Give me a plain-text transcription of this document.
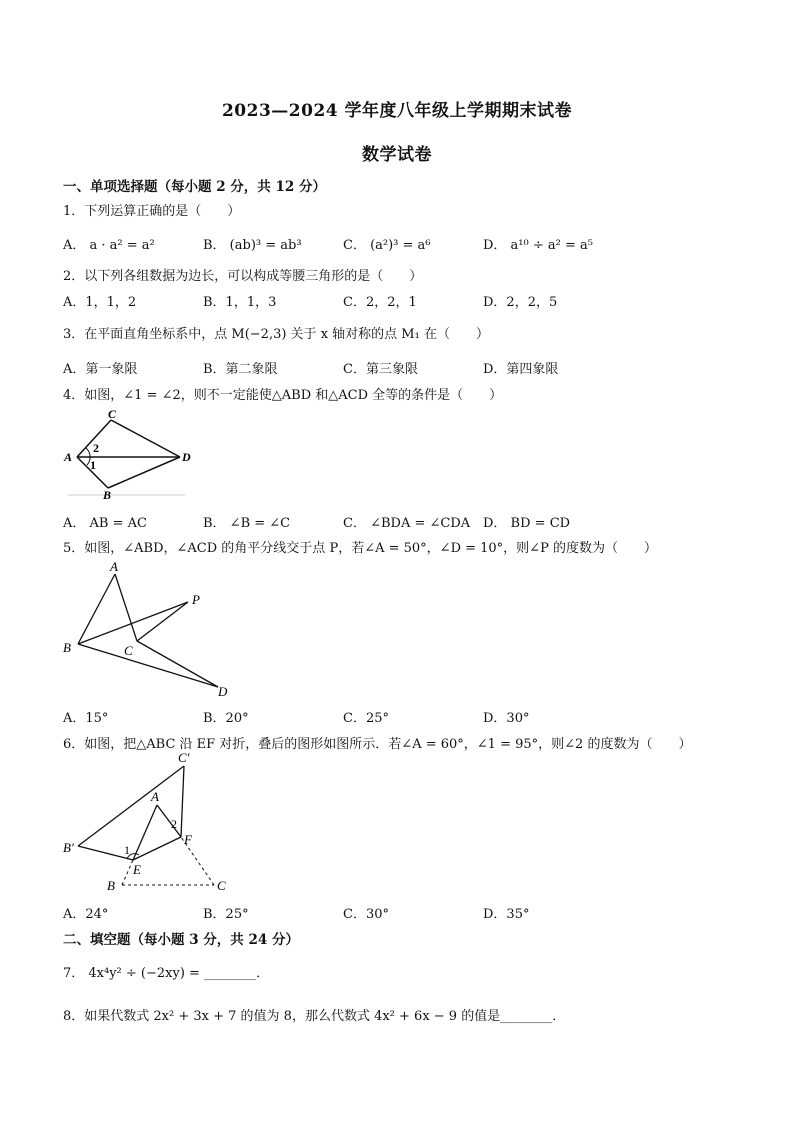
2023—2024 学年度八年级上学期期末试卷
数学试卷
一、单项选择题（每小题 2 分，共 12 分）
1．下列运算正确的是（　　）
A． a · a² = a²	B． (ab)³ = ab³	C． (a²)³ = a⁶	D． a¹⁰ ÷ a² = a⁵
2．以下列各组数据为边长，可以构成等腰三角形的是（　　）
A．1，1，2	B．1，1，3	C．2，2，1	D．2，2，5
3．在平面直角坐标系中，点 M(−2,3) 关于 x 轴对称的点 M₁ 在（　　）
A．第一象限	B．第二象限	C．第三象限	D．第四象限
4．如图，∠1 = ∠2，则不一定能使△ABD 和△ACD 全等的条件是（　　）
C
A	D
B
2
1
A． AB = AC	B． ∠B = ∠C	C． ∠BDA = ∠CDA D． BD = CD
5．如图，∠ABD，∠ACD 的角平分线交于点 P，若∠A = 50°，∠D = 10°，则∠P 的度数为（　　）
A
P
B	C
D
A．15°	B．20°	C．25°	D．30°
6．如图，把△ABC 沿 EF 对折，叠后的图形如图所示．若∠A = 60°，∠1 = 95°，则∠2 的度数为（　　）
C′
A
B′	1
2
F
E
B	C
A．24°	B．25°	C．30°	D．35°
二、填空题（每小题 3 分，共 24 分）
7． 4x⁴y² ÷ (−2xy) = ________．
8．如果代数式 2x² + 3x + 7 的值为 8，那么代数式 4x² + 6x − 9 的值是________．
